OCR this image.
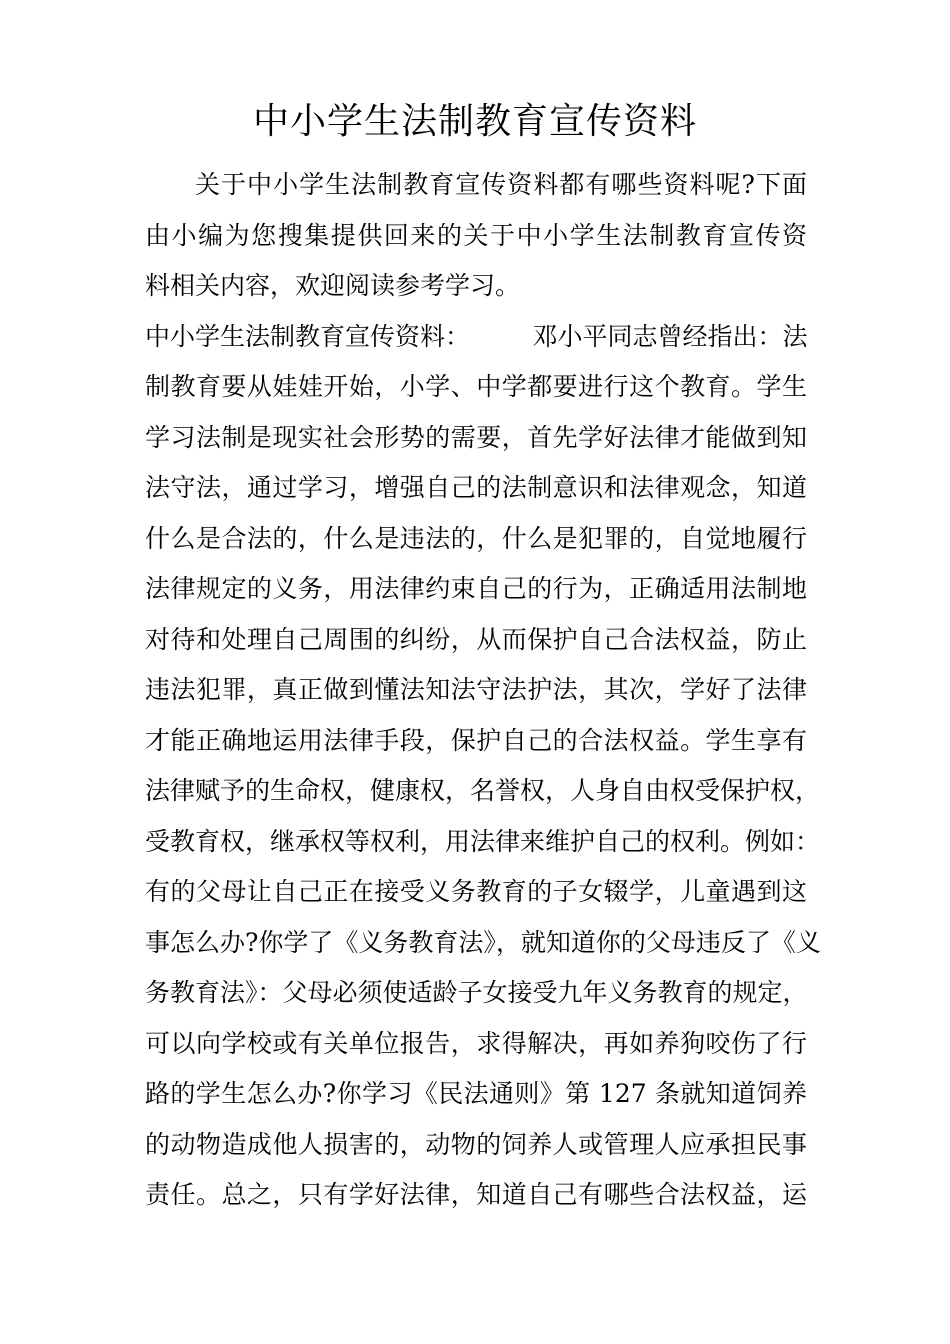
中小学生法制教育宣传资料
关于中小学生法制教育宣传资料都有哪些资料呢?下面
由小编为您搜集提供回来的关于中小学生法制教育宣传资
料相关内容，欢迎阅读参考学习。
中小学生法制教育宣传资料：　　　邓小平同志曾经指出：法
制教育要从娃娃开始，小学、中学都要进行这个教育。学生
学习法制是现实社会形势的需要，首先学好法律才能做到知
法守法，通过学习，增强自己的法制意识和法律观念，知道
什么是合法的，什么是违法的，什么是犯罪的，自觉地履行
法律规定的义务，用法律约束自己的行为，正确适用法制地
对待和处理自己周围的纠纷，从而保护自己合法权益，防止
违法犯罪，真正做到懂法知法守法护法，其次，学好了法律
才能正确地运用法律手段，保护自己的合法权益。学生享有
法律赋予的生命权，健康权，名誉权，人身自由权受保护权，
受教育权，继承权等权利，用法律来维护自己的权利。例如：
有的父母让自己正在接受义务教育的子女辍学，儿童遇到这
事怎么办?你学了《义务教育法》，就知道你的父母违反了《义
务教育法》：父母必须使适龄子女接受九年义务教育的规定，
可以向学校或有关单位报告，求得解决，再如养狗咬伤了行
路的学生怎么办?你学习《民法通则》第 127 条就知道饲养
的动物造成他人损害的，动物的饲养人或管理人应承担民事
责任。总之，只有学好法律，知道自己有哪些合法权益，运
